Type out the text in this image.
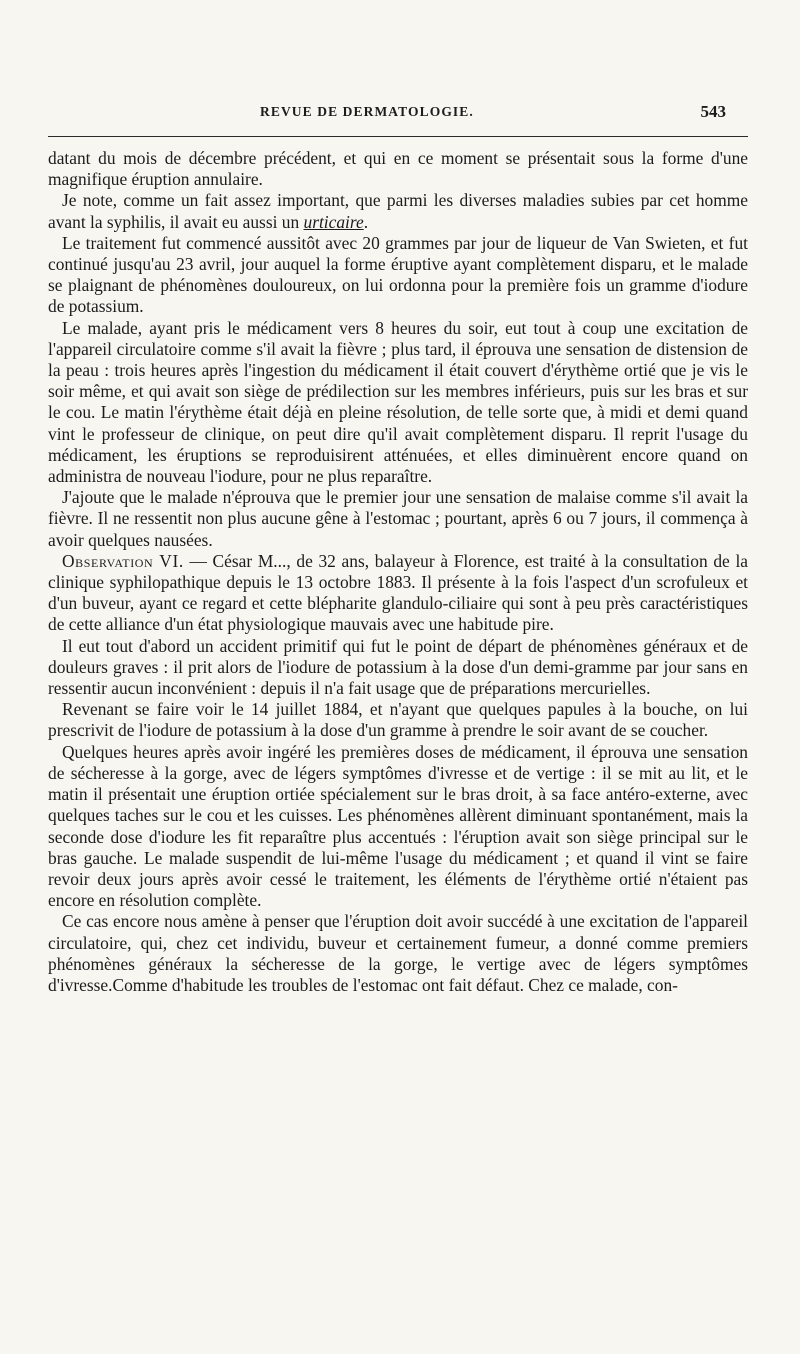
REVUE DE DERMATOLOGIE.	543

datant du mois de décembre précédent, et qui en ce moment se présentait sous la forme d'une magnifique éruption annulaire.

Je note, comme un fait assez important, que parmi les diverses maladies subies par cet homme avant la syphilis, il avait eu aussi un urticaire.

Le traitement fut commencé aussitôt avec 20 grammes par jour de liqueur de Van Swieten, et fut continué jusqu'au 23 avril, jour auquel la forme éruptive ayant complètement disparu, et le malade se plaignant de phénomènes douloureux, on lui ordonna pour la première fois un gramme d'iodure de potassium.

Le malade, ayant pris le médicament vers 8 heures du soir, eut tout à coup une excitation de l'appareil circulatoire comme s'il avait la fièvre ; plus tard, il éprouva une sensation de distension de la peau : trois heures après l'ingestion du médicament il était couvert d'érythème ortié que je vis le soir même, et qui avait son siège de prédilection sur les membres inférieurs, puis sur les bras et sur le cou. Le matin l'érythème était déjà en pleine résolution, de telle sorte que, à midi et demi quand vint le professeur de clinique, on peut dire qu'il avait complètement disparu. Il reprit l'usage du médicament, les éruptions se reproduisirent atténuées, et elles diminuèrent encore quand on administra de nouveau l'iodure, pour ne plus reparaître.

J'ajoute que le malade n'éprouva que le premier jour une sensation de malaise comme s'il avait la fièvre. Il ne ressentit non plus aucune gêne à l'estomac ; pourtant, après 6 ou 7 jours, il commença à avoir quelques nausées.

Observation VI. — César M..., de 32 ans, balayeur à Florence, est traité à la consultation de la clinique syphilopathique depuis le 13 octobre 1883. Il présente à la fois l'aspect d'un scrofuleux et d'un buveur, ayant ce regard et cette blépharite glandulo-ciliaire qui sont à peu près caractéristiques de cette alliance d'un état physiologique mauvais avec une habitude pire.

Il eut tout d'abord un accident primitif qui fut le point de départ de phénomènes généraux et de douleurs graves : il prit alors de l'iodure de potassium à la dose d'un demi-gramme par jour sans en ressentir aucun inconvénient : depuis il n'a fait usage que de préparations mercurielles.

Revenant se faire voir le 14 juillet 1884, et n'ayant que quelques papules à la bouche, on lui prescrivit de l'iodure de potassium à la dose d'un gramme à prendre le soir avant de se coucher.

Quelques heures après avoir ingéré les premières doses de médicament, il éprouva une sensation de sécheresse à la gorge, avec de légers symptômes d'ivresse et de vertige : il se mit au lit, et le matin il présentait une éruption ortiée spécialement sur le bras droit, à sa face antéro-externe, avec quelques taches sur le cou et les cuisses. Les phénomènes allèrent diminuant spontanément, mais la seconde dose d'iodure les fit reparaître plus accentués : l'éruption avait son siège principal sur le bras gauche. Le malade suspendit de lui-même l'usage du médicament ; et quand il vint se faire revoir deux jours après avoir cessé le traitement, les éléments de l'érythème ortié n'étaient pas encore en résolution complète.

Ce cas encore nous amène à penser que l'éruption doit avoir succédé à une excitation de l'appareil circulatoire, qui, chez cet individu, buveur et certainement fumeur, a donné comme premiers phénomènes généraux la sécheresse de la gorge, le vertige avec de légers symptômes d'ivresse.Comme d'habitude les troubles de l'estomac ont fait défaut. Chez ce malade, con-
